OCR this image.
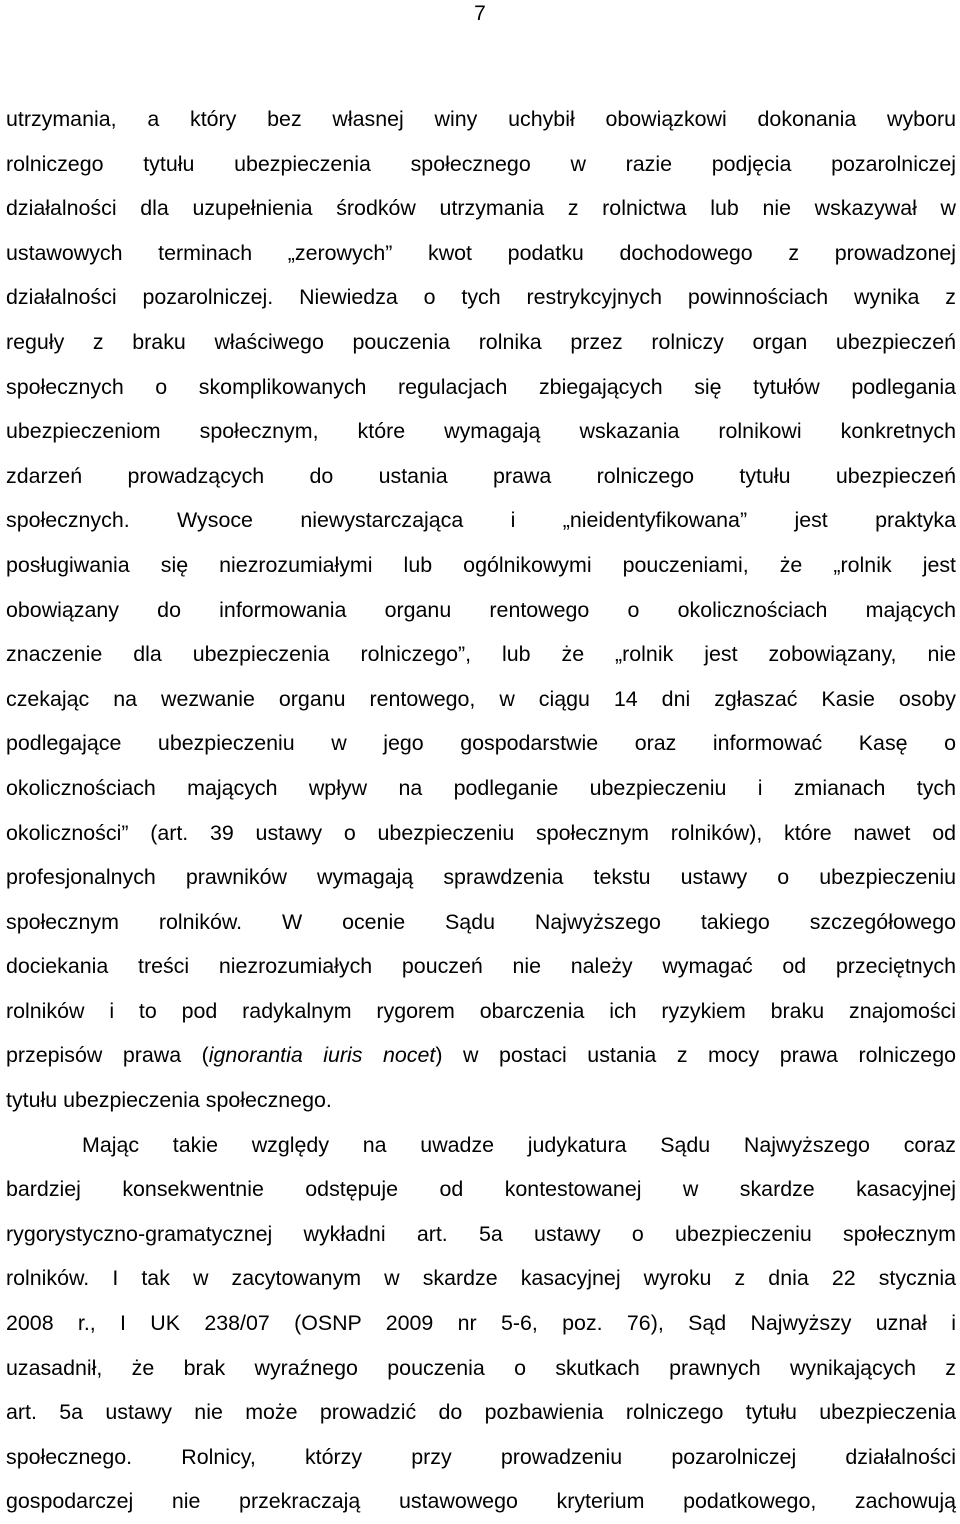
7
utrzymania, a który bez własnej winy uchybił obowiązkowi dokonania wyboru
rolniczego tytułu ubezpieczenia społecznego w razie podjęcia pozarolniczej
działalności dla uzupełnienia środków utrzymania z rolnictwa lub nie wskazywał w
ustawowych terminach „zerowych” kwot podatku dochodowego z prowadzonej
działalności pozarolniczej. Niewiedza o tych restrykcyjnych powinnościach wynika z
reguły z braku właściwego pouczenia rolnika przez rolniczy organ ubezpieczeń
społecznych o skomplikowanych regulacjach zbiegających się tytułów podlegania
ubezpieczeniom społecznym, które wymagają wskazania rolnikowi konkretnych
zdarzeń prowadzących do ustania prawa rolniczego tytułu ubezpieczeń
społecznych. Wysoce niewystarczająca i „nieidentyfikowana” jest praktyka
posługiwania się niezrozumiałymi lub ogólnikowymi pouczeniami, że „rolnik jest
obowiązany do informowania organu rentowego o okolicznościach mających
znaczenie dla ubezpieczenia rolniczego”, lub że „rolnik jest zobowiązany, nie
czekając na wezwanie organu rentowego, w ciągu 14 dni zgłaszać Kasie osoby
podlegające ubezpieczeniu w jego gospodarstwie oraz informować Kasę o
okolicznościach mających wpływ na podleganie ubezpieczeniu i zmianach tych
okoliczności” (art. 39 ustawy o ubezpieczeniu społecznym rolników), które nawet od
profesjonalnych prawników wymagają sprawdzenia tekstu ustawy o ubezpieczeniu
społecznym rolników. W ocenie Sądu Najwyższego takiego szczegółowego
dociekania treści niezrozumiałych pouczeń nie należy wymagać od przeciętnych
rolników i to pod radykalnym rygorem obarczenia ich ryzykiem braku znajomości
przepisów prawa (ignorantia iuris nocet) w postaci ustania z mocy prawa rolniczego
tytułu ubezpieczenia społecznego.
Mając takie względy na uwadze judykatura Sądu Najwyższego coraz
bardziej konsekwentnie odstępuje od kontestowanej w skardze kasacyjnej
rygorystyczno-gramatycznej wykładni art. 5a ustawy o ubezpieczeniu społecznym
rolników. I tak w zacytowanym w skardze kasacyjnej wyroku z dnia 22 stycznia
2008 r., I UK 238/07 (OSNP 2009 nr 5-6, poz. 76), Sąd Najwyższy uznał i
uzasadnił, że brak wyraźnego pouczenia o skutkach prawnych wynikających z
art. 5a ustawy nie może prowadzić do pozbawienia rolniczego tytułu ubezpieczenia
społecznego. Rolnicy, którzy przy prowadzeniu pozarolniczej działalności
gospodarczej nie przekraczają ustawowego kryterium podatkowego, zachowują
